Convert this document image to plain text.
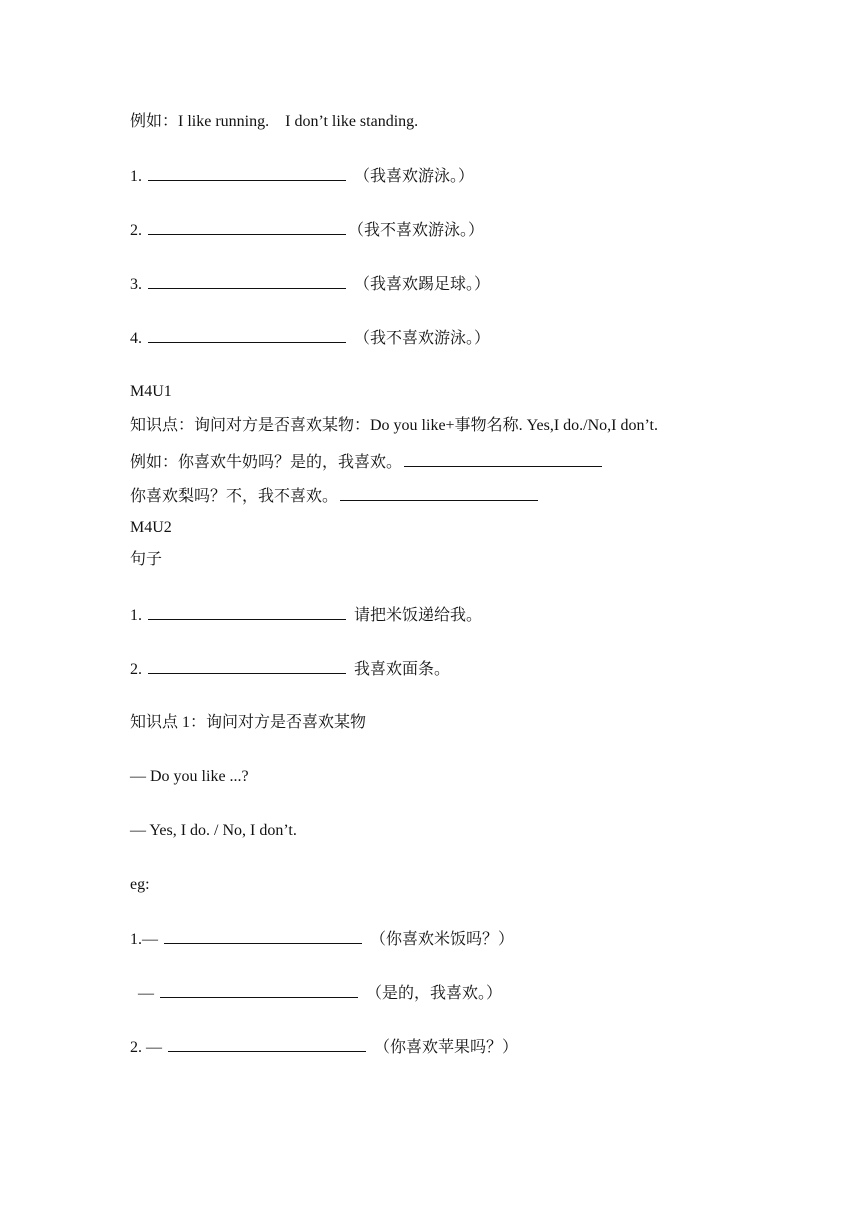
例如：I like running. I don’t like standing.
1.	（我喜欢游泳。）
2.	（我不喜欢游泳。）
3.	（我喜欢踢足球。）
4.	（我不喜欢游泳。）
M4U1
知识点：询问对方是否喜欢某物：Do you like+事物名称. Yes,I do./No,I don’t.
例如：你喜欢牛奶吗？是的，我喜欢。
你喜欢梨吗？不，我不喜欢。
M4U2
句子
1.	请把米饭递给我。
2.	我喜欢面条。
知识点 1：询问对方是否喜欢某物
— Do you like ...?
— Yes, I do. / No, I don’t.
eg:
1.—	（你喜欢米饭吗？）
—	（是的，我喜欢。）
2. —	（你喜欢苹果吗？）
